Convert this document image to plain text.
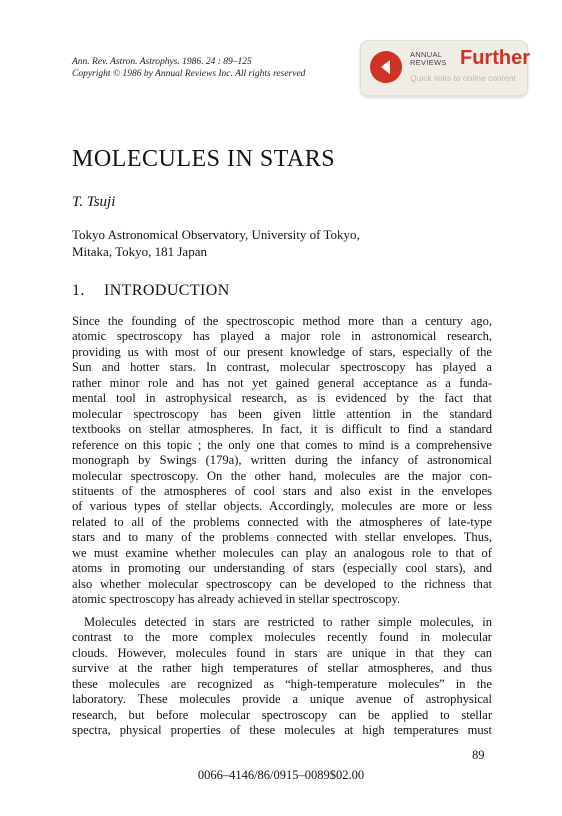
Ann. Rev. Astron. Astrophys. 1986. 24 : 89–125
Copyright © 1986 by Annual Reviews Inc. All rights reserved
ANNUAL
REVIEWS Further
Quick links to online content
MOLECULES IN STARS
T. Tsuji
Tokyo Astronomical Observatory, University of Tokyo,
Mitaka, Tokyo, 181 Japan
1. INTRODUCTION
Since the founding of the spectroscopic method more than a century ago,
atomic spectroscopy has played a major role in astronomical research,
providing us with most of our present knowledge of stars, especially of the
Sun and hotter stars. In contrast, molecular spectroscopy has played a
rather minor role and has not yet gained general acceptance as a funda-
mental tool in astrophysical research, as is evidenced by the fact that
molecular spectroscopy has been given little attention in the standard
textbooks on stellar atmospheres. In fact, it is difficult to find a standard
reference on this topic ; the only one that comes to mind is a comprehensive
monograph by Swings (179a), written during the infancy of astronomical
molecular spectroscopy. On the other hand, molecules are the major con-
stituents of the atmospheres of cool stars and also exist in the envelopes
of various types of stellar objects. Accordingly, molecules are more or less
related to all of the problems connected with the atmospheres of late-type
stars and to many of the problems connected with stellar envelopes. Thus,
we must examine whether molecules can play an analogous role to that of
atoms in promoting our understanding of stars (especially cool stars), and
also whether molecular spectroscopy can be developed to the richness that
atomic spectroscopy has already achieved in stellar spectroscopy.
Molecules detected in stars are restricted to rather simple molecules, in
contrast to the more complex molecules recently found in molecular
clouds. However, molecules found in stars are unique in that they can
survive at the rather high temperatures of stellar atmospheres, and thus
these molecules are recognized as “high-temperature molecules” in the
laboratory. These molecules provide a unique avenue of astrophysical
research, but before molecular spectroscopy can be applied to stellar
spectra, physical properties of these molecules at high temperatures must
89
0066–4146/86/0915–0089$02.00
